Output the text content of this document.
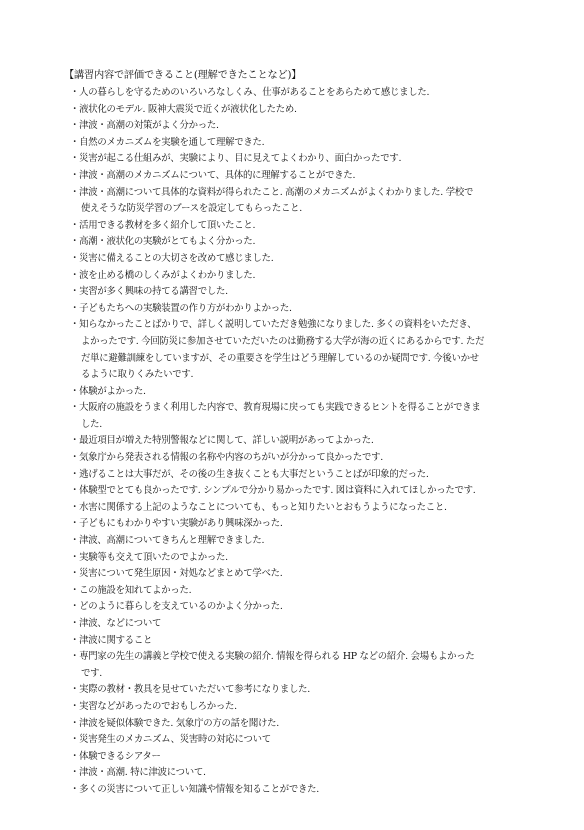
【講習内容で評価できること(理解できたことなど)】
・人の暮らしを守るためのいろいろなしくみ、仕事があることをあらためて感じました.
・液状化のモデル. 阪神大震災で近くが液状化したため.
・津波・高潮の対策がよく分かった.
・自然のメカニズムを実験を通して理解できた.
・災害が起こる仕組みが、実験により、目に見えてよくわかり、面白かったです.
・津波・高潮のメカニズムについて、具体的に理解することができた.
・津波・高潮について具体的な資料が得られたこと. 高潮のメカニズムがよくわかりました. 学校で
使えそうな防災学習のブースを設定してもらったこと.
・活用できる教材を多く紹介して頂いたこと.
・高潮・液状化の実験がとてもよく分かった.
・災害に備えることの大切さを改めて感じました.
・波を止める橋のしくみがよくわかりました.
・実習が多く興味の持てる講習でした.
・子どもたちへの実験装置の作り方がわかりよかった.
・知らなかったことばかりで、詳しく説明していただき勉強になりました. 多くの資料をいただき、
よかったです. 今回防災に参加させていただいたのは勤務する大学が海の近くにあるからです. ただ
だ単に避難訓練をしていますが、その重要さを学生はどう理解しているのか疑問です. 今後いかせ
るように取りくみたいです.
・体験がよかった.
・大阪府の施設をうまく利用した内容で、教育現場に戻っても実践できるヒントを得ることができま
した.
・最近項目が増えた特別警報などに関して、詳しい説明があってよかった.
・気象庁から発表される情報の名称や内容のちがいが分かって良かったです.
・逃げることは大事だが、その後の生き抜くことも大事だということばが印象的だった.
・体験型でとても良かったです. シンプルで分かり易かったです. 図は資料に入れてほしかったです.
・水害に関係する上記のようなことについても、もっと知りたいとおもうようになったこと.
・子どもにもわかりやすい実験があり興味深かった.
・津波、高潮についてきちんと理解できました.
・実験等も交えて頂いたのでよかった.
・災害について発生原因・対処などまとめて学べた.
・この施設を知れてよかった.
・どのように暮らしを支えているのかよく分かった.
・津波、などについて
・津波に関すること
・専門家の先生の講義と学校で使える実験の紹介. 情報を得られる HP などの紹介. 会場もよかった
です.
・実際の教材・教具を見せていただいて参考になりました.
・実習などがあったのでおもしろかった.
・津波を疑似体験できた. 気象庁の方の話を聞けた.
・災害発生のメカニズム、災害時の対応について
・体験できるシアター
・津波・高潮. 特に津波について.
・多くの災害について正しい知識や情報を知ることができた.
